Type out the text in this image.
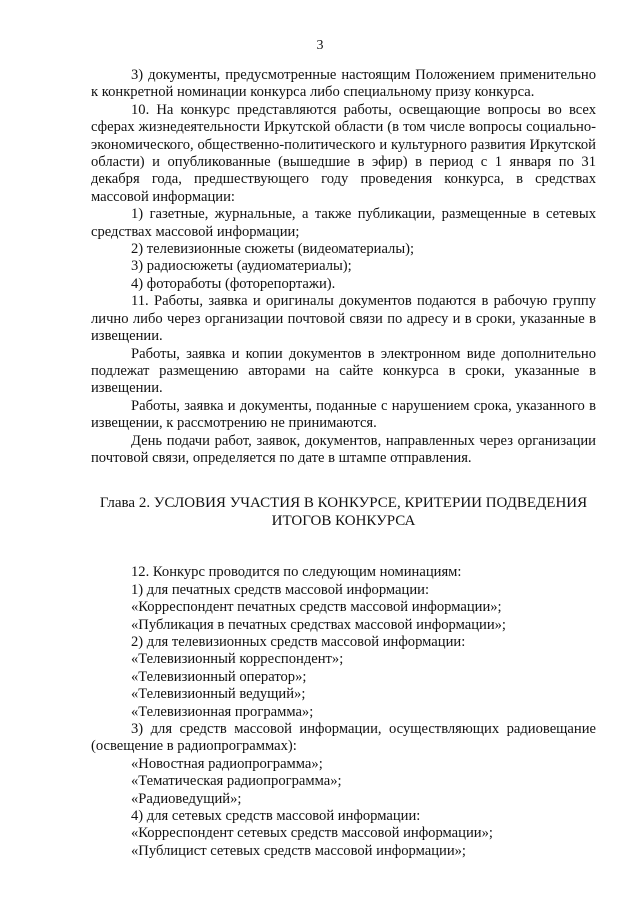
3

3) документы, предусмотренные настоящим Положением применительно к конкретной номинации конкурса либо специальному призу конкурса.

10. На конкурс представляются работы, освещающие вопросы во всех сферах жизнедеятельности Иркутской области (в том числе вопросы социально-экономического, общественно-политического и культурного развития Иркутской области) и опубликованные (вышедшие в эфир) в период с 1 января по 31 декабря года, предшествующего году проведения конкурса, в средствах массовой информации:

1) газетные, журнальные, а также публикации, размещенные в сетевых средствах массовой информации;

2) телевизионные сюжеты (видеоматериалы);

3) радиосюжеты (аудиоматериалы);

4) фотоработы (фоторепортажи).

11. Работы, заявка и оригиналы документов подаются в рабочую группу лично либо через организации почтовой связи по адресу и в сроки, указанные в извещении.

Работы, заявка и копии документов в электронном виде дополнительно подлежат размещению авторами на сайте конкурса в сроки, указанные в извещении.

Работы, заявка и документы, поданные с нарушением срока, указанного в извещении, к рассмотрению не принимаются.

День подачи работ, заявок, документов, направленных через организации почтовой связи, определяется по дате в штампе отправления.

Глава 2. УСЛОВИЯ УЧАСТИЯ В КОНКУРСЕ, КРИТЕРИИ ПОДВЕДЕНИЯ
ИТОГОВ КОНКУРСА

12. Конкурс проводится по следующим номинациям:

1) для печатных средств массовой информации:

«Корреспондент печатных средств массовой информации»;

«Публикация в печатных средствах массовой информации»;

2) для телевизионных средств массовой информации:

«Телевизионный корреспондент»;

«Телевизионный оператор»;

«Телевизионный ведущий»;

«Телевизионная программа»;

3) для средств массовой информации, осуществляющих радиовещание (освещение в радиопрограммах):

«Новостная радиопрограмма»;

«Тематическая радиопрограмма»;

«Радиоведущий»;

4) для сетевых средств массовой информации:

«Корреспондент сетевых средств массовой информации»;

«Публицист сетевых средств массовой информации»;
